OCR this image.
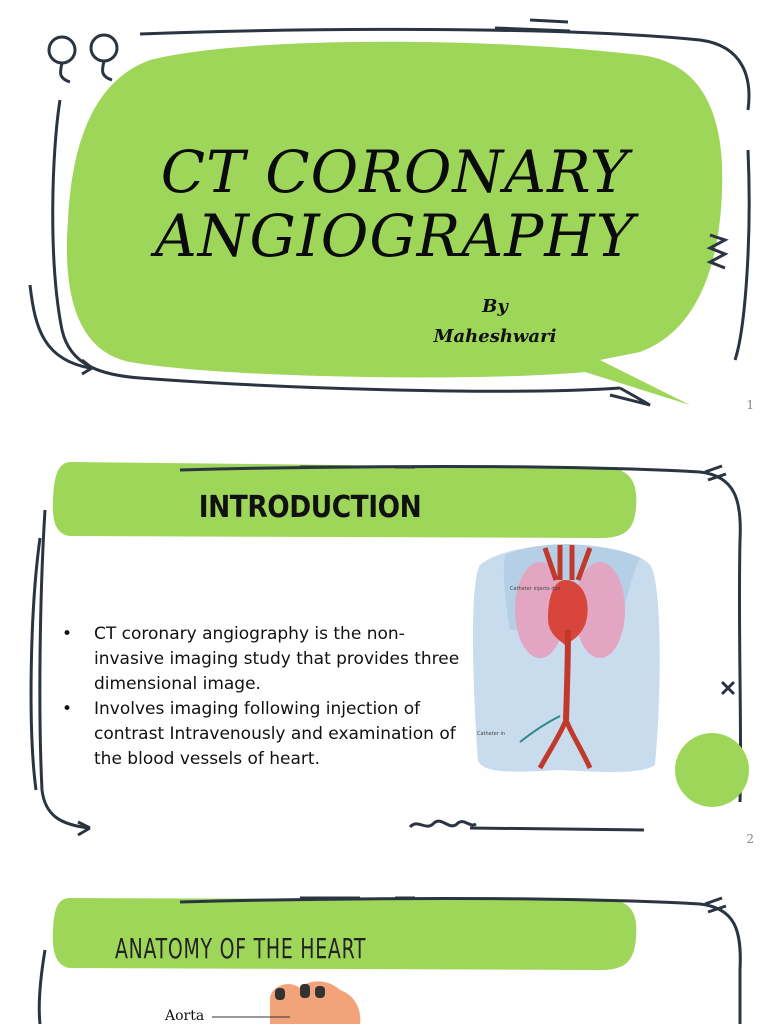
CT CORONARY
ANGIOGRAPHY
By
Maheshwari
1
Catheter injects dye
Catheter in
INTRODUCTION
• CT coronary angiography is the non-invasive imaging study that provides three dimensional image.
• Involves imaging following injection of contrast Intravenously and examination of the blood vessels of heart.
2
ANATOMY OF THE HEART
Aorta
